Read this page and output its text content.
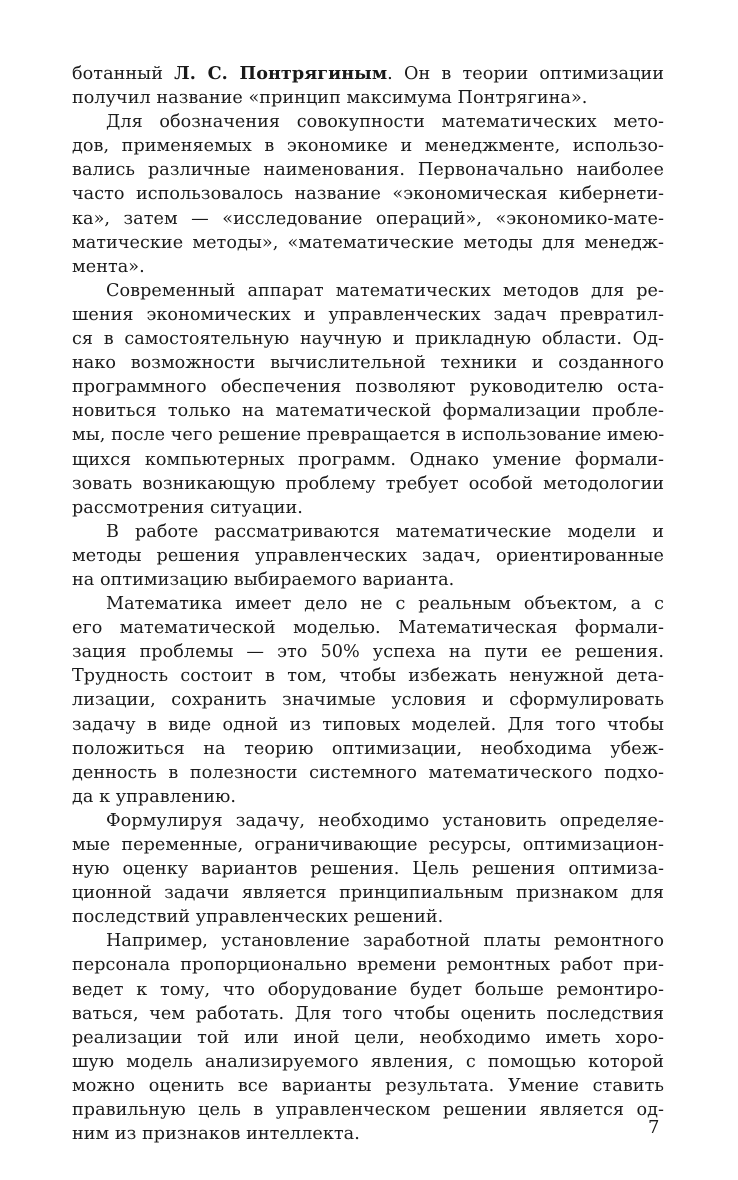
ботанный Л. С. Понтрягиным. Он в теории оптимизации
получил название «принцип максимума Понтрягина».
Для обозначения совокупности математических мето-
дов, применяемых в экономике и менеджменте, использо-
вались различные наименования. Первоначально наиболее
часто использовалось название «экономическая кибернети-
ка», затем — «исследование операций», «экономико-мате-
матические методы», «математические методы для менедж-
мента».
Современный аппарат математических методов для ре-
шения экономических и управленческих задач превратил-
ся в самостоятельную научную и прикладную области. Од-
нако возможности вычислительной техники и созданного
программного обеспечения позволяют руководителю оста-
новиться только на математической формализации пробле-
мы, после чего решение превращается в использование имею-
щихся компьютерных программ. Однако умение формали-
зовать возникающую проблему требует особой методологии
рассмотрения ситуации.
В работе рассматриваются математические модели и
методы решения управленческих задач, ориентированные
на оптимизацию выбираемого варианта.
Математика имеет дело не с реальным объектом, а с
его математической моделью. Математическая формали-
зация проблемы — это 50% успеха на пути ее решения.
Трудность состоит в том, чтобы избежать ненужной дета-
лизации, сохранить значимые условия и сформулировать
задачу в виде одной из типовых моделей. Для того чтобы
положиться на теорию оптимизации, необходима убеж-
денность в полезности системного математического подхо-
да к управлению.
Формулируя задачу, необходимо установить определяе-
мые переменные, ограничивающие ресурсы, оптимизацион-
ную оценку вариантов решения. Цель решения оптимиза-
ционной задачи является принципиальным признаком для
последствий управленческих решений.
Например, установление заработной платы ремонтного
персонала пропорционально времени ремонтных работ при-
ведет к тому, что оборудование будет больше ремонтиро-
ваться, чем работать. Для того чтобы оценить последствия
реализации той или иной цели, необходимо иметь хоро-
шую модель анализируемого явления, с помощью которой
можно оценить все варианты результата. Умение ставить
правильную цель в управленческом решении является од-
ним из признаков интеллекта.	7
